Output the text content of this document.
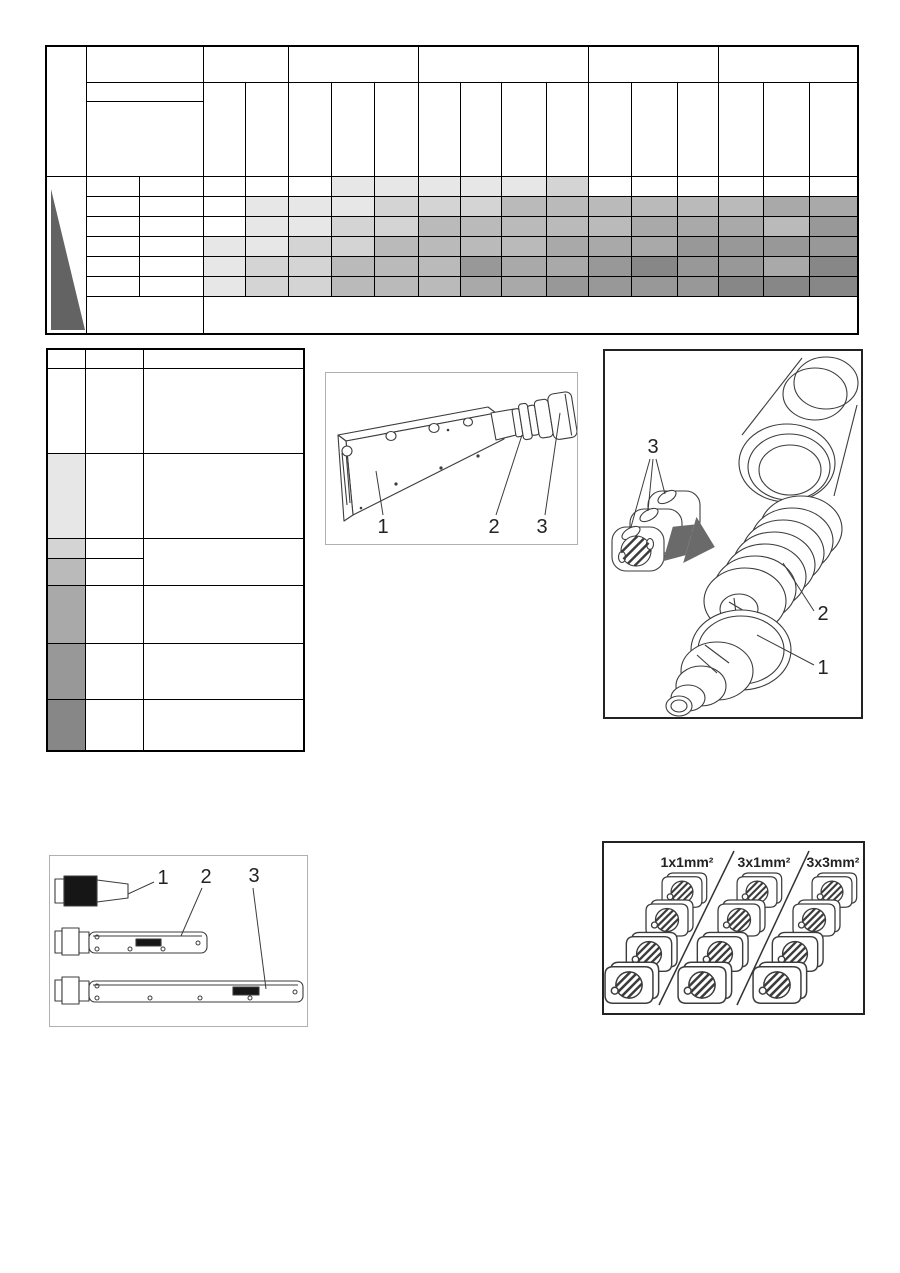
1	2 3
3
2
1
1 2 3
1x1mm² 3x1mm² 3x3mm²
